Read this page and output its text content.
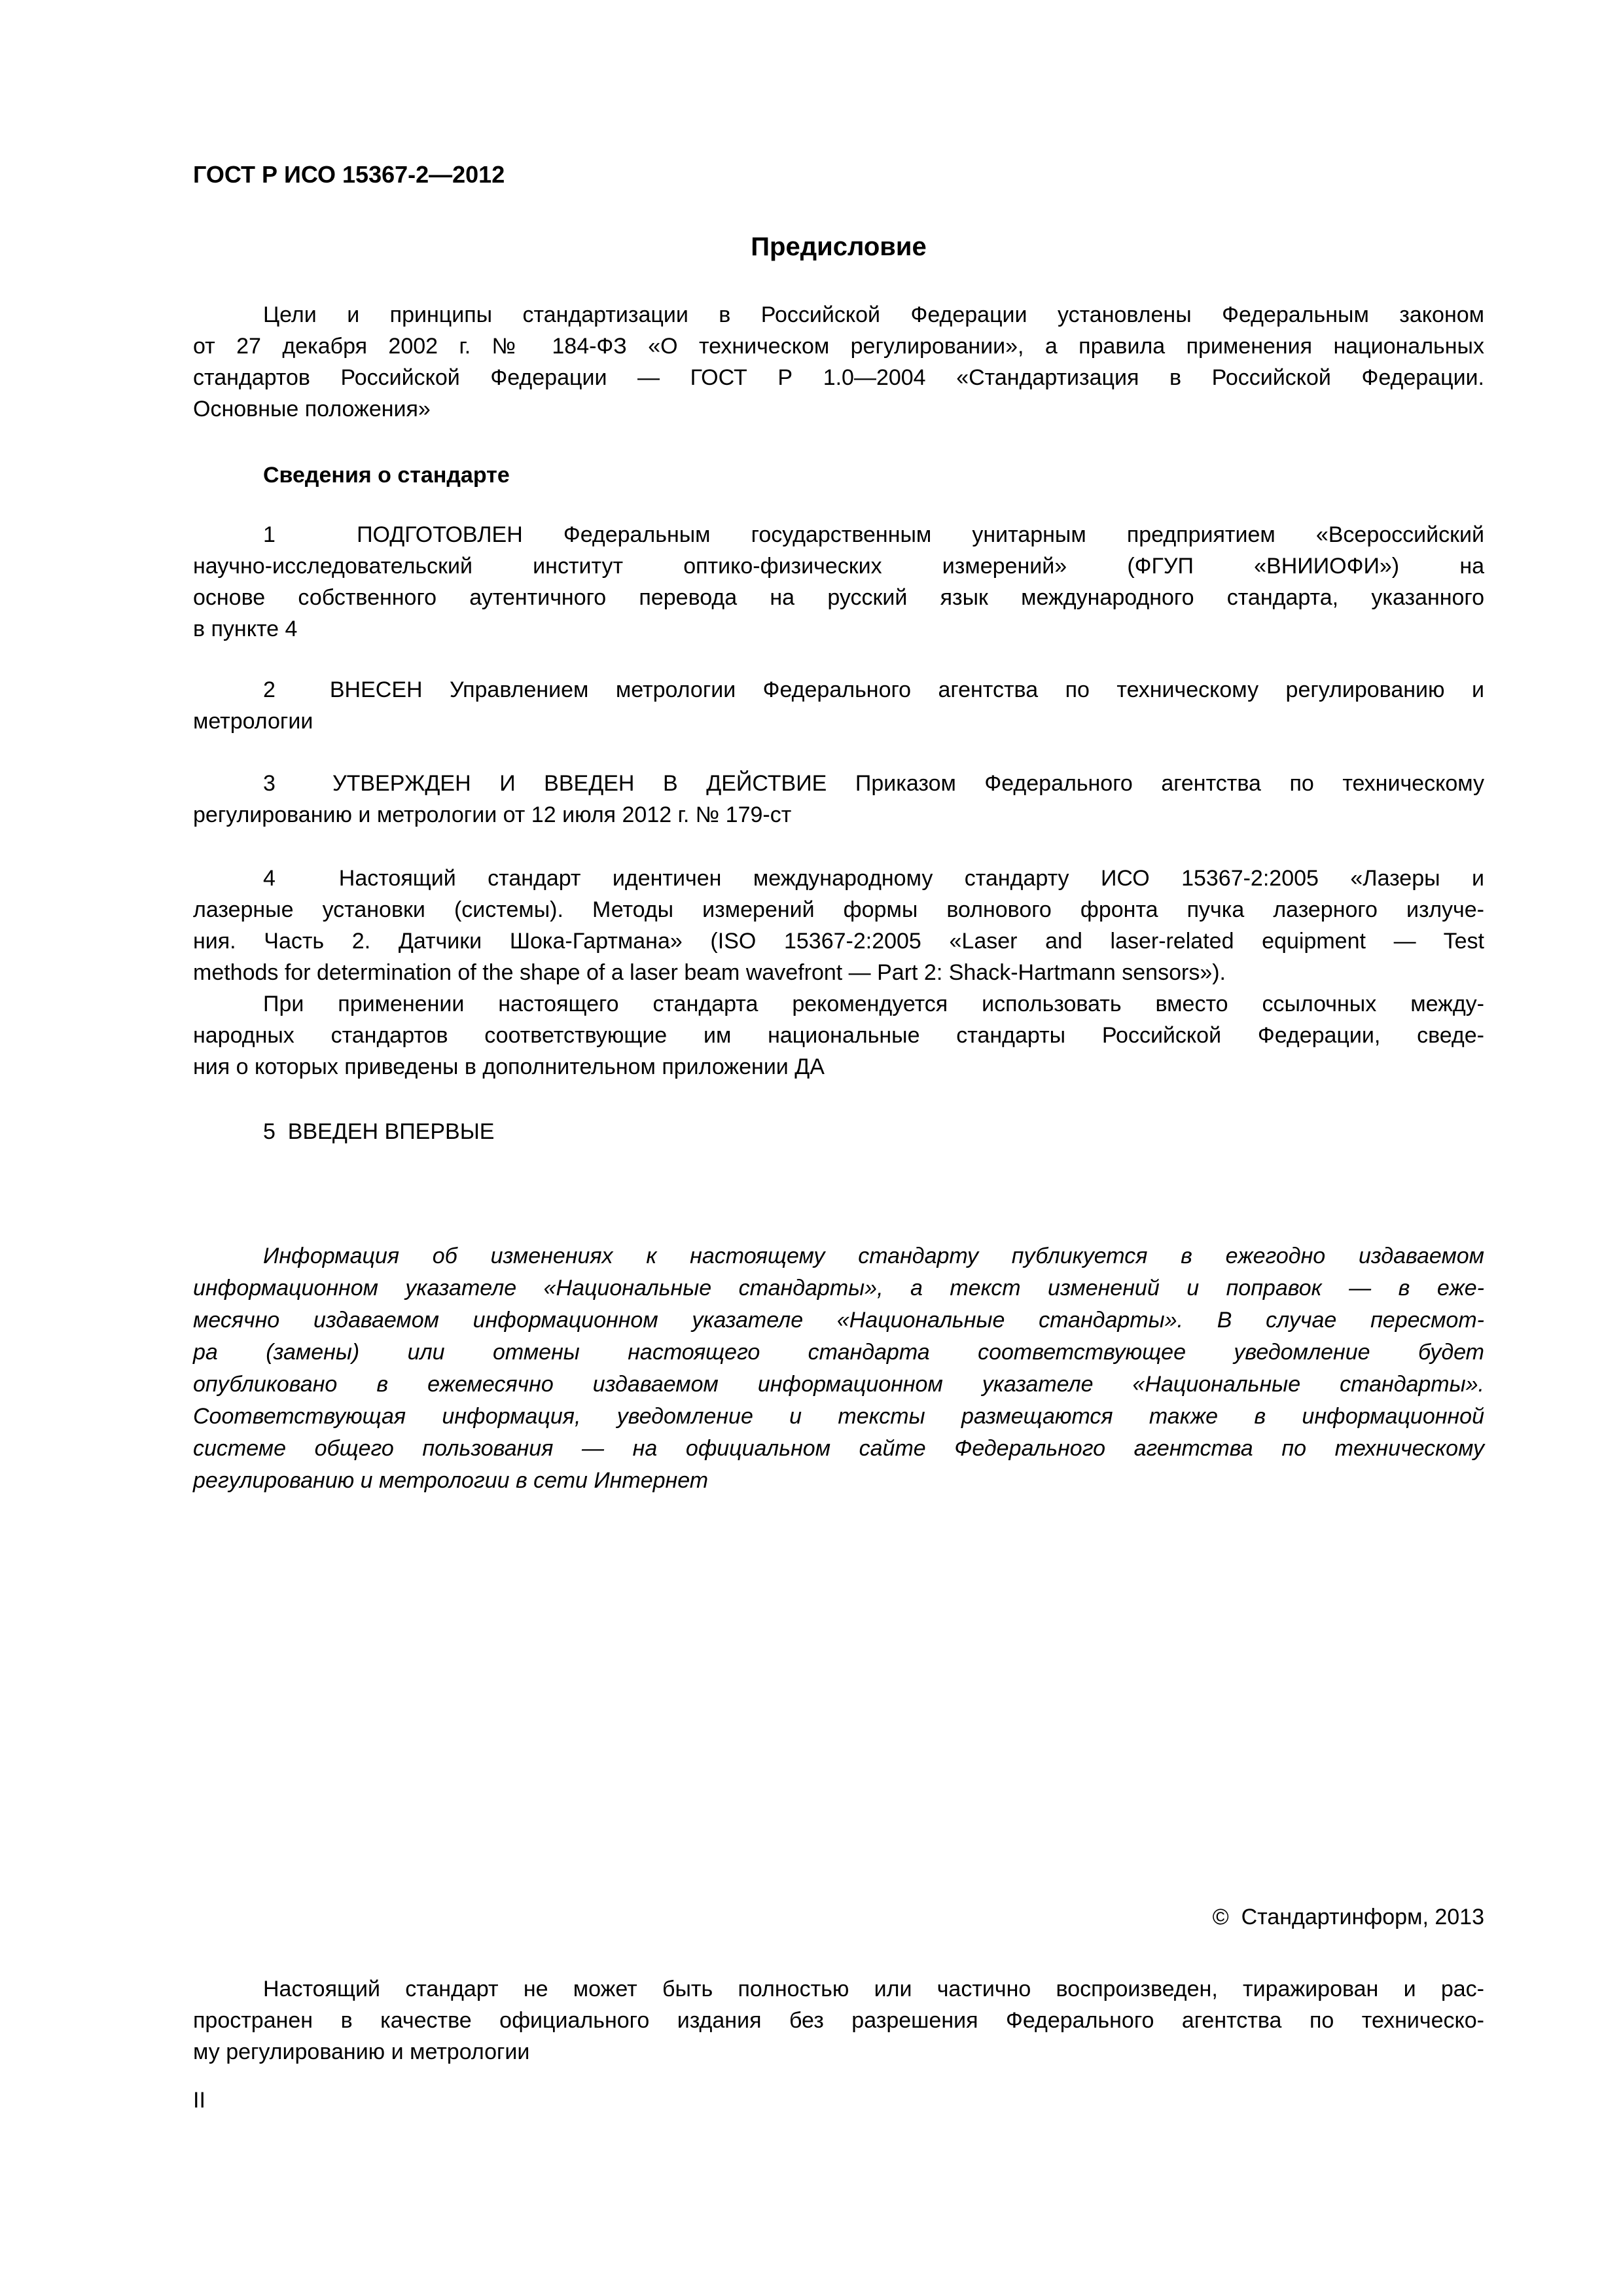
ГОСТ Р ИСО 15367-2—2012
Предисловие
Цели и принципы стандартизации в Российской Федерации установлены Федеральным законом
от 27 декабря 2002 г. № 184-ФЗ «О техническом регулировании», а правила применения национальных
стандартов Российской Федерации — ГОСТ Р 1.0—2004 «Стандартизация в Российской Федерации.
Основные положения»
Сведения о стандарте
1  ПОДГОТОВЛЕН Федеральным государственным унитарным предприятием «Всероссийский
научно-исследовательский институт оптико-физических измерений» (ФГУП «ВНИИОФИ») на
основе собственного аутентичного перевода на русский язык международного стандарта, указанного
в пункте 4
2  ВНЕСЕН Управлением метрологии Федерального агентства по техническому регулированию и
метрологии
3  УТВЕРЖДЕН И ВВЕДЕН В ДЕЙСТВИЕ Приказом Федерального агентства по техническому
регулированию и метрологии от 12 июля 2012 г. № 179-ст
4  Настоящий стандарт идентичен международному стандарту ИСО 15367-2:2005 «Лазеры и
лазерные установки (системы). Методы измерений формы волнового фронта пучка лазерного излуче-
ния. Часть 2. Датчики Шока-Гартмана» (ISO 15367-2:2005 «Laser and laser-related equipment — Test
methods for determination of the shape of a laser beam wavefront — Part 2: Shack-Hartmann sensors»).
При применении настоящего стандарта рекомендуется использовать вместо ссылочных между-
народных стандартов соответствующие им национальные стандарты Российской Федерации, сведе-
ния о которых приведены в дополнительном приложении ДА
5  ВВЕДЕН ВПЕРВЫЕ
Информация об изменениях к настоящему стандарту публикуется в ежегодно издаваемом
информационном указателе «Национальные стандарты», а текст изменений и поправок — в еже-
месячно издаваемом информационном указателе «Национальные стандарты». В случае пересмот-
ра (замены) или отмены настоящего стандарта соответствующее уведомление будет
опубликовано в ежемесячно издаваемом информационном указателе «Национальные стандарты».
Соответствующая информация, уведомление и тексты размещаются также в информационной
системе общего пользования — на официальном сайте Федерального агентства по техническому
регулированию и метрологии в сети Интернет
©  Стандартинформ, 2013
Настоящий стандарт не может быть полностью или частично воспроизведен, тиражирован и рас-
пространен в качестве официального издания без разрешения Федерального агентства по техническо-
му регулированию и метрологии
II
